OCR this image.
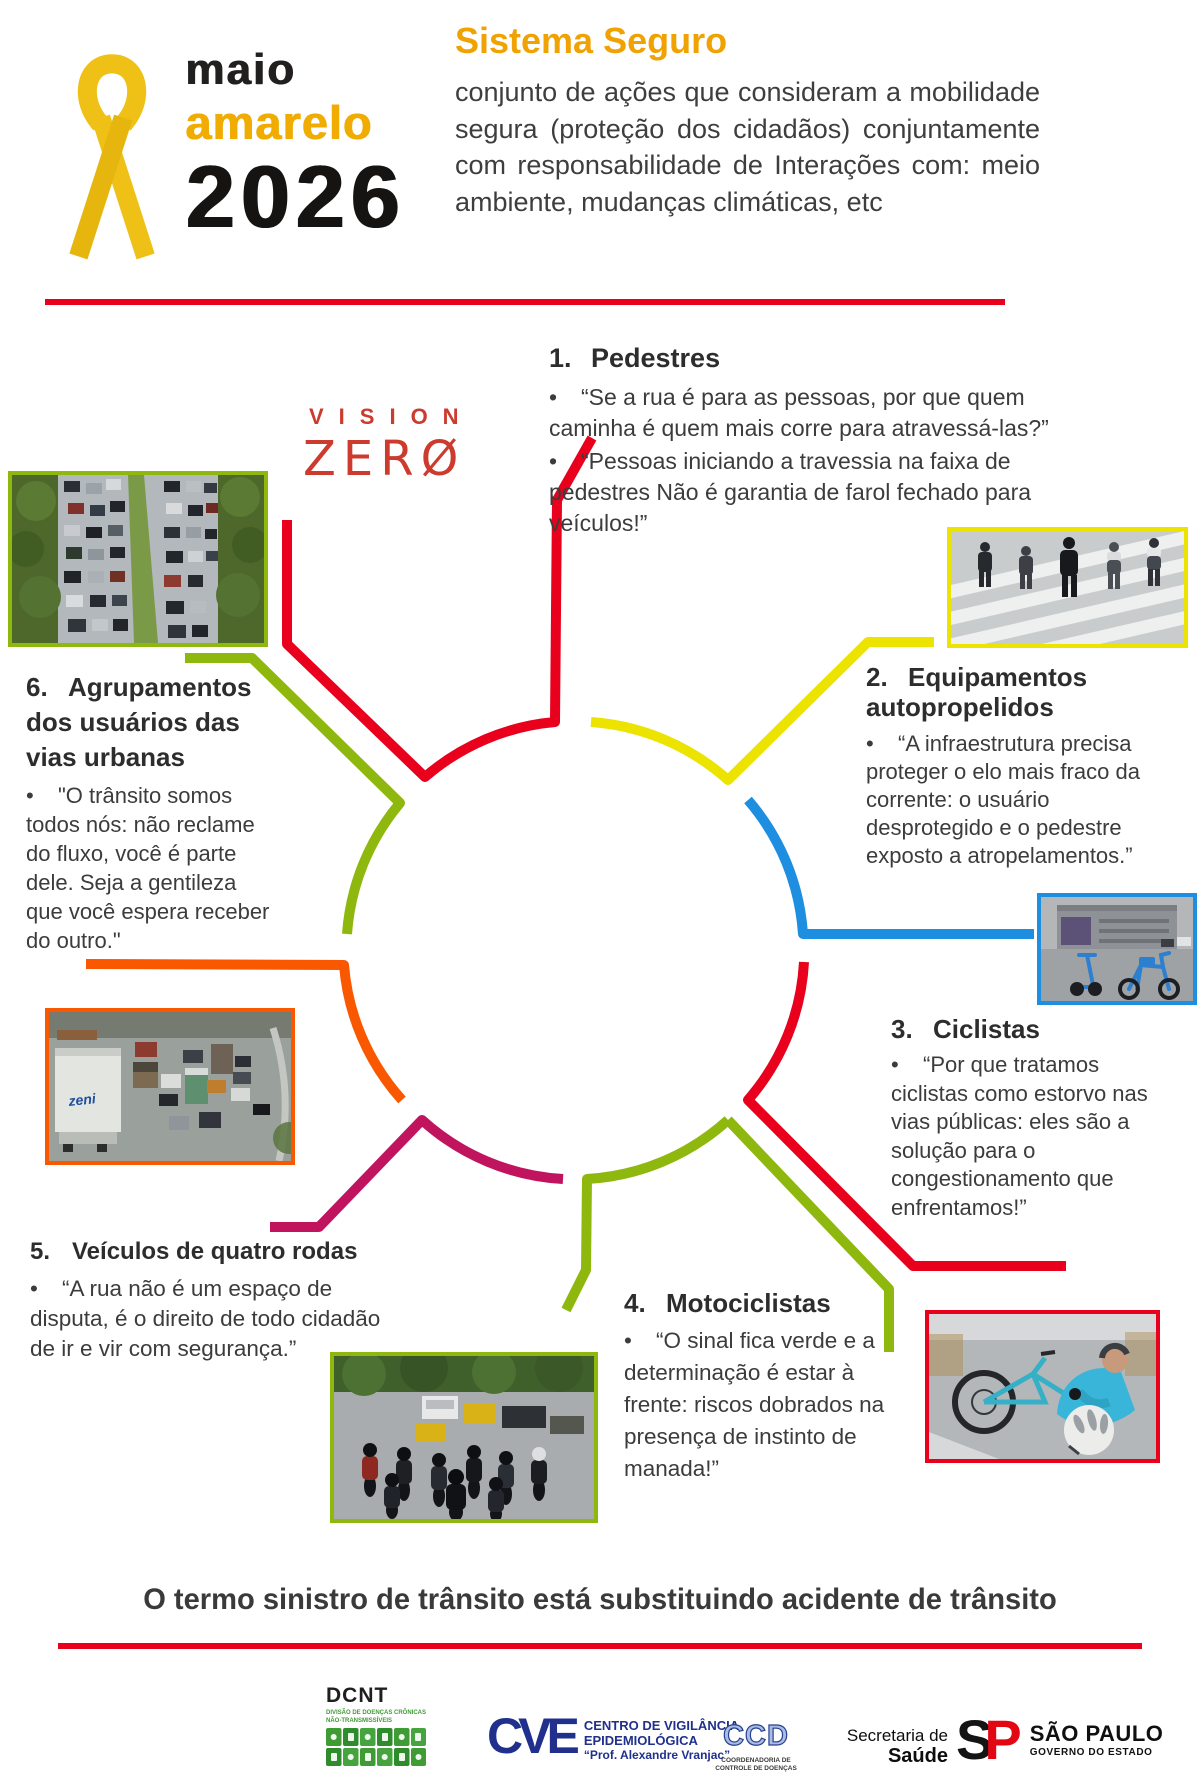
maio
amarelo
2026
Sistema Seguro
conjunto de ações que consideram a mobilidade segura (proteção dos cidadãos) conjuntamente com responsabilidade de Interações com: meio ambiente, mudanças climáticas, etc
VISION
ZERØ
zeni
1. Pedestres
• “Se a rua é para as pessoas, por que quem caminha é quem mais corre para atravessá-las?”
• “Pessoas iniciando a travessia na faixa de pedestres Não é garantia de farol fechado para veículos!”
2. Equipamentos autopropelidos
• “A infraestrutura precisa proteger o elo mais fraco da corrente: o usuário desprotegido e o pedestre exposto a atropelamentos.”
3. Ciclistas
• “Por que tratamos ciclistas como estorvo nas vias públicas: eles são a solução para o congestionamento que enfrentamos!”
4. Motociclistas
• “O sinal fica verde e a determinação é estar à frente: riscos dobrados na presença de instinto de manada!”
5. Veículos de quatro rodas
• “A rua não é um espaço de disputa, é o direito de todo cidadão de ir e vir com segurança.”
6. Agrupamentos dos usuários das vias urbanas
• "O trânsito somos todos nós: não reclame do fluxo, você é parte dele. Seja a gentileza que você espera receber do outro."
O termo sinistro de trânsito está substituindo acidente de trânsito
DCNT
DIVISÃO DE DOENÇAS CRÔNICAS NÃO-TRANSMISSÍVEIS	CVE CENTRO DE VIGILÂNCIA
EPIDEMIOLÓGICA
“Prof. Alexandre Vranjac”
CCD
COORDENADORIA DE
CONTROLE DE DOENÇAS
Secretaria de
Saúde S
P SÃO PAULO
GOVERNO DO ESTADO
